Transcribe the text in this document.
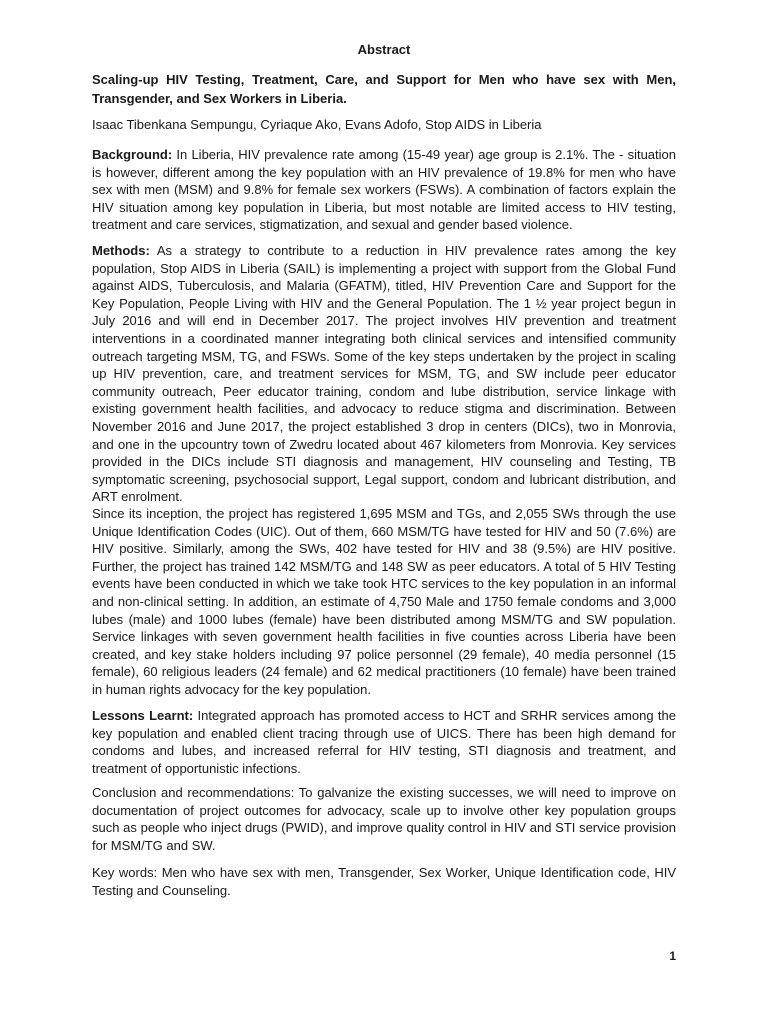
Abstract
Scaling-up HIV Testing, Treatment, Care, and Support for Men who have sex with Men, Transgender, and Sex Workers in Liberia.
Isaac Tibenkana Sempungu, Cyriaque Ako, Evans Adofo, Stop AIDS in Liberia
Background: In Liberia, HIV prevalence rate among (15-49 year) age group is 2.1%. The - situation is however, different among the key population with an HIV prevalence of 19.8% for men who have sex with men (MSM) and 9.8% for female sex workers (FSWs). A combination of factors explain the HIV situation among key population in Liberia, but most notable are limited access to HIV testing, treatment and care services, stigmatization, and sexual and gender based violence.
Methods: As a strategy to contribute to a reduction in HIV prevalence rates among the key population, Stop AIDS in Liberia (SAIL) is implementing a project with support from the Global Fund against AIDS, Tuberculosis, and Malaria (GFATM), titled, HIV Prevention Care and Support for the Key Population, People Living with HIV and the General Population. The 1 ½ year project begun in July 2016 and will end in December 2017. The project involves HIV prevention and treatment interventions in a coordinated manner integrating both clinical services and intensified community outreach targeting MSM, TG, and FSWs. Some of the key steps undertaken by the project in scaling up HIV prevention, care, and treatment services for MSM, TG, and SW include peer educator community outreach, Peer educator training, condom and lube distribution, service linkage with existing government health facilities, and advocacy to reduce stigma and discrimination. Between November 2016 and June 2017, the project established 3 drop in centers (DICs), two in Monrovia, and one in the upcountry town of Zwedru located about 467 kilometers from Monrovia. Key services provided in the DICs include STI diagnosis and management, HIV counseling and Testing, TB symptomatic screening, psychosocial support, Legal support, condom and lubricant distribution, and ART enrolment.
Since its inception, the project has registered 1,695 MSM and TGs, and 2,055 SWs through the use Unique Identification Codes (UIC). Out of them, 660 MSM/TG have tested for HIV and 50 (7.6%) are HIV positive. Similarly, among the SWs, 402 have tested for HIV and 38 (9.5%) are HIV positive. Further, the project has trained 142 MSM/TG and 148 SW as peer educators. A total of 5 HIV Testing events have been conducted in which we take took HTC services to the key population in an informal and non-clinical setting. In addition, an estimate of 4,750 Male and 1750 female condoms and 3,000 lubes (male) and 1000 lubes (female) have been distributed among MSM/TG and SW population. Service linkages with seven government health facilities in five counties across Liberia have been created, and key stake holders including 97 police personnel (29 female), 40 media personnel (15 female), 60 religious leaders (24 female) and 62 medical practitioners (10 female) have been trained in human rights advocacy for the key population.
Lessons Learnt: Integrated approach has promoted access to HCT and SRHR services among the key population and enabled client tracing through use of UICS. There has been high demand for condoms and lubes, and increased referral for HIV testing, STI diagnosis and treatment, and treatment of opportunistic infections.
Conclusion and recommendations: To galvanize the existing successes, we will need to improve on documentation of project outcomes for advocacy, scale up to involve other key population groups such as people who inject drugs (PWID), and improve quality control in HIV and STI service provision for MSM/TG and SW.
Key words: Men who have sex with men, Transgender, Sex Worker, Unique Identification code, HIV Testing and Counseling.
1
